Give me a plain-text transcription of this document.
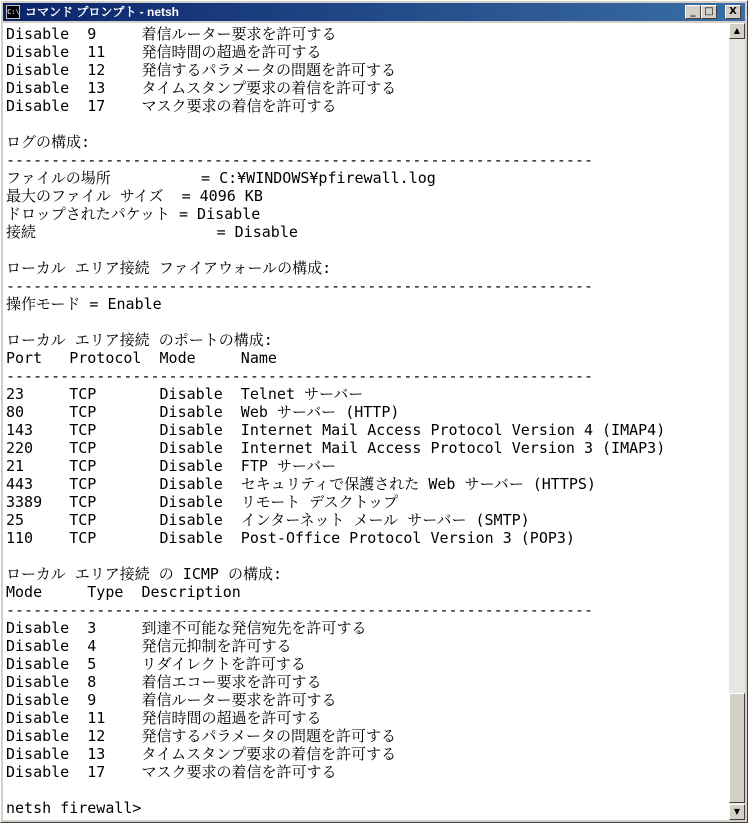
C:\ コマンド プロンプト - netsh	_ □	X
Disable  9     着信ルーター要求を許可する
Disable  11    発信時間の超過を許可する
Disable  12    発信するパラメータの問題を許可する
Disable  13    タイムスタンプ要求の着信を許可する
Disable  17    マスク要求の着信を許可する
ログの構成:
-----------------------------------------------------------------
ファイルの場所          = C:¥WINDOWS¥pfirewall.log
最大のファイル サイズ  = 4096 KB
ドロップされたパケット = Disable
接続                    = Disable
ローカル エリア接続 ファイアウォールの構成:
-----------------------------------------------------------------
操作モード = Enable
ローカル エリア接続 のポートの構成:
Port   Protocol  Mode     Name
-----------------------------------------------------------------
23     TCP       Disable  Telnet サーバー
80     TCP       Disable  Web サーバー (HTTP)
143    TCP       Disable  Internet Mail Access Protocol Version 4 (IMAP4)
220    TCP       Disable  Internet Mail Access Protocol Version 3 (IMAP3)
21     TCP       Disable  FTP サーバー
443    TCP       Disable  セキュリティで保護された Web サーバー (HTTPS)
3389   TCP       Disable  リモート デスクトップ
25     TCP       Disable  インターネット メール サーバー (SMTP)
110    TCP       Disable  Post-Office Protocol Version 3 (POP3)
ローカル エリア接続 の ICMP の構成:
Mode     Type  Description
-----------------------------------------------------------------
Disable  3     到達不可能な発信宛先を許可する
Disable  4     発信元抑制を許可する
Disable  5     リダイレクトを許可する
Disable  8     着信エコー要求を許可する
Disable  9     着信ルーター要求を許可する
Disable  11    発信時間の超過を許可する
Disable  12    発信するパラメータの問題を許可する
Disable  13    タイムスタンプ要求の着信を許可する
Disable  17    マスク要求の着信を許可する
netsh firewall>
▲
▼
